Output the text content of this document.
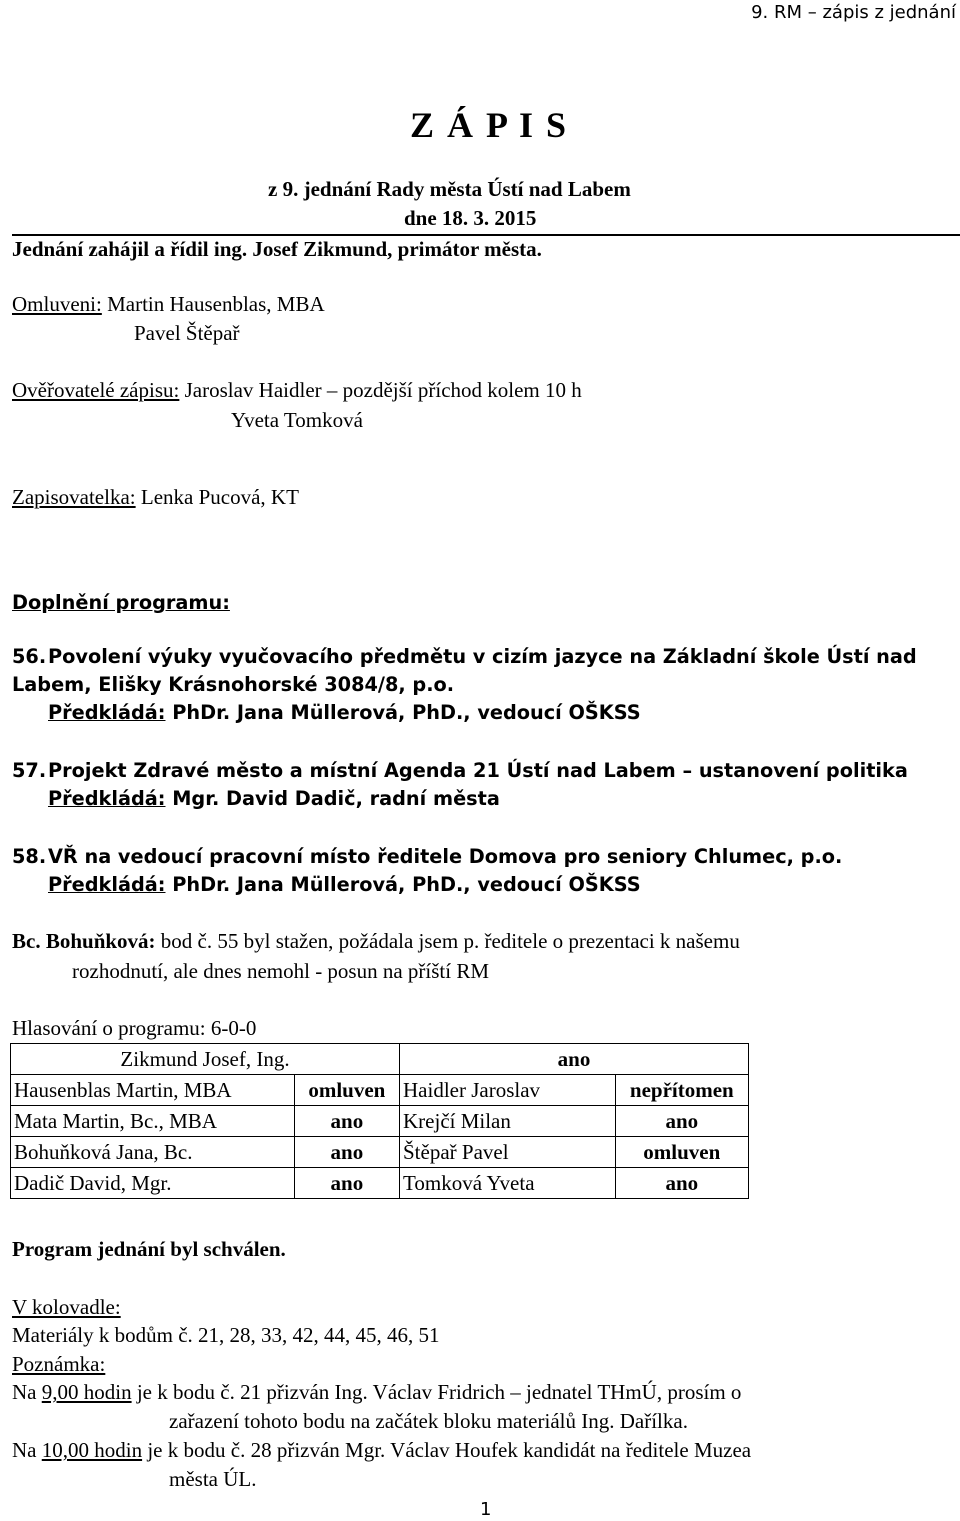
9. RM – zápis z jednání
Z Á P I S
z 9. jednání Rady města Ústí nad Labem
dne 18. 3. 2015
Jednání zahájil a řídil ing. Josef Zikmund, primátor města.
Omluveni: Martin Hausenblas, MBA
Pavel Štěpař
Ověřovatelé zápisu: Jaroslav Haidler – pozdější příchod kolem 10 h
Yveta Tomková
Zapisovatelka: Lenka Pucová, KT
Doplnění programu:
56.Povolení výuky vyučovacího předmětu v cizím jazyce na Základní škole Ústí nad Labem, Elišky Krásnohorské 3084/8, p.o.
Předkládá: PhDr. Jana Müllerová, PhD., vedoucí OŠKSS
57.Projekt Zdravé město a místní Agenda 21 Ústí nad Labem – ustanovení politika
Předkládá: Mgr. David Dadič, radní města
58.VŘ na vedoucí pracovní místo ředitele Domova pro seniory Chlumec, p.o.
Předkládá: PhDr. Jana Müllerová, PhD., vedoucí OŠKSS
Bc. Bohuňková: bod č. 55 byl stažen, požádala jsem p. ředitele o prezentaci k našemu
rozhodnutí, ale dnes nemohl - posun na příští RM
Hlasování o programu: 6-0-0
Zikmund Josef, Ing.		ano	
Hausenblas Martin, MBA	omluven	Haidler Jaroslav	nepřítomen
Mata Martin, Bc., MBA	ano	Krejčí Milan	ano
Bohuňková Jana, Bc.	ano	Štěpař Pavel	omluven
Dadič David, Mgr.	ano	Tomková Yveta	ano
Program jednání byl schválen.
V kolovadle:
Materiály k bodům č. 21, 28, 33, 42, 44, 45, 46, 51
Poznámka:
Na 9,00 hodin je k bodu č. 21 přizván Ing. Václav Fridrich – jednatel THmÚ, prosím o
zařazení tohoto bodu na začátek bloku materiálů Ing. Dařílka.
Na 10,00 hodin je k bodu č. 28 přizván Mgr. Václav Houfek kandidát na ředitele Muzea
města ÚL.
1
